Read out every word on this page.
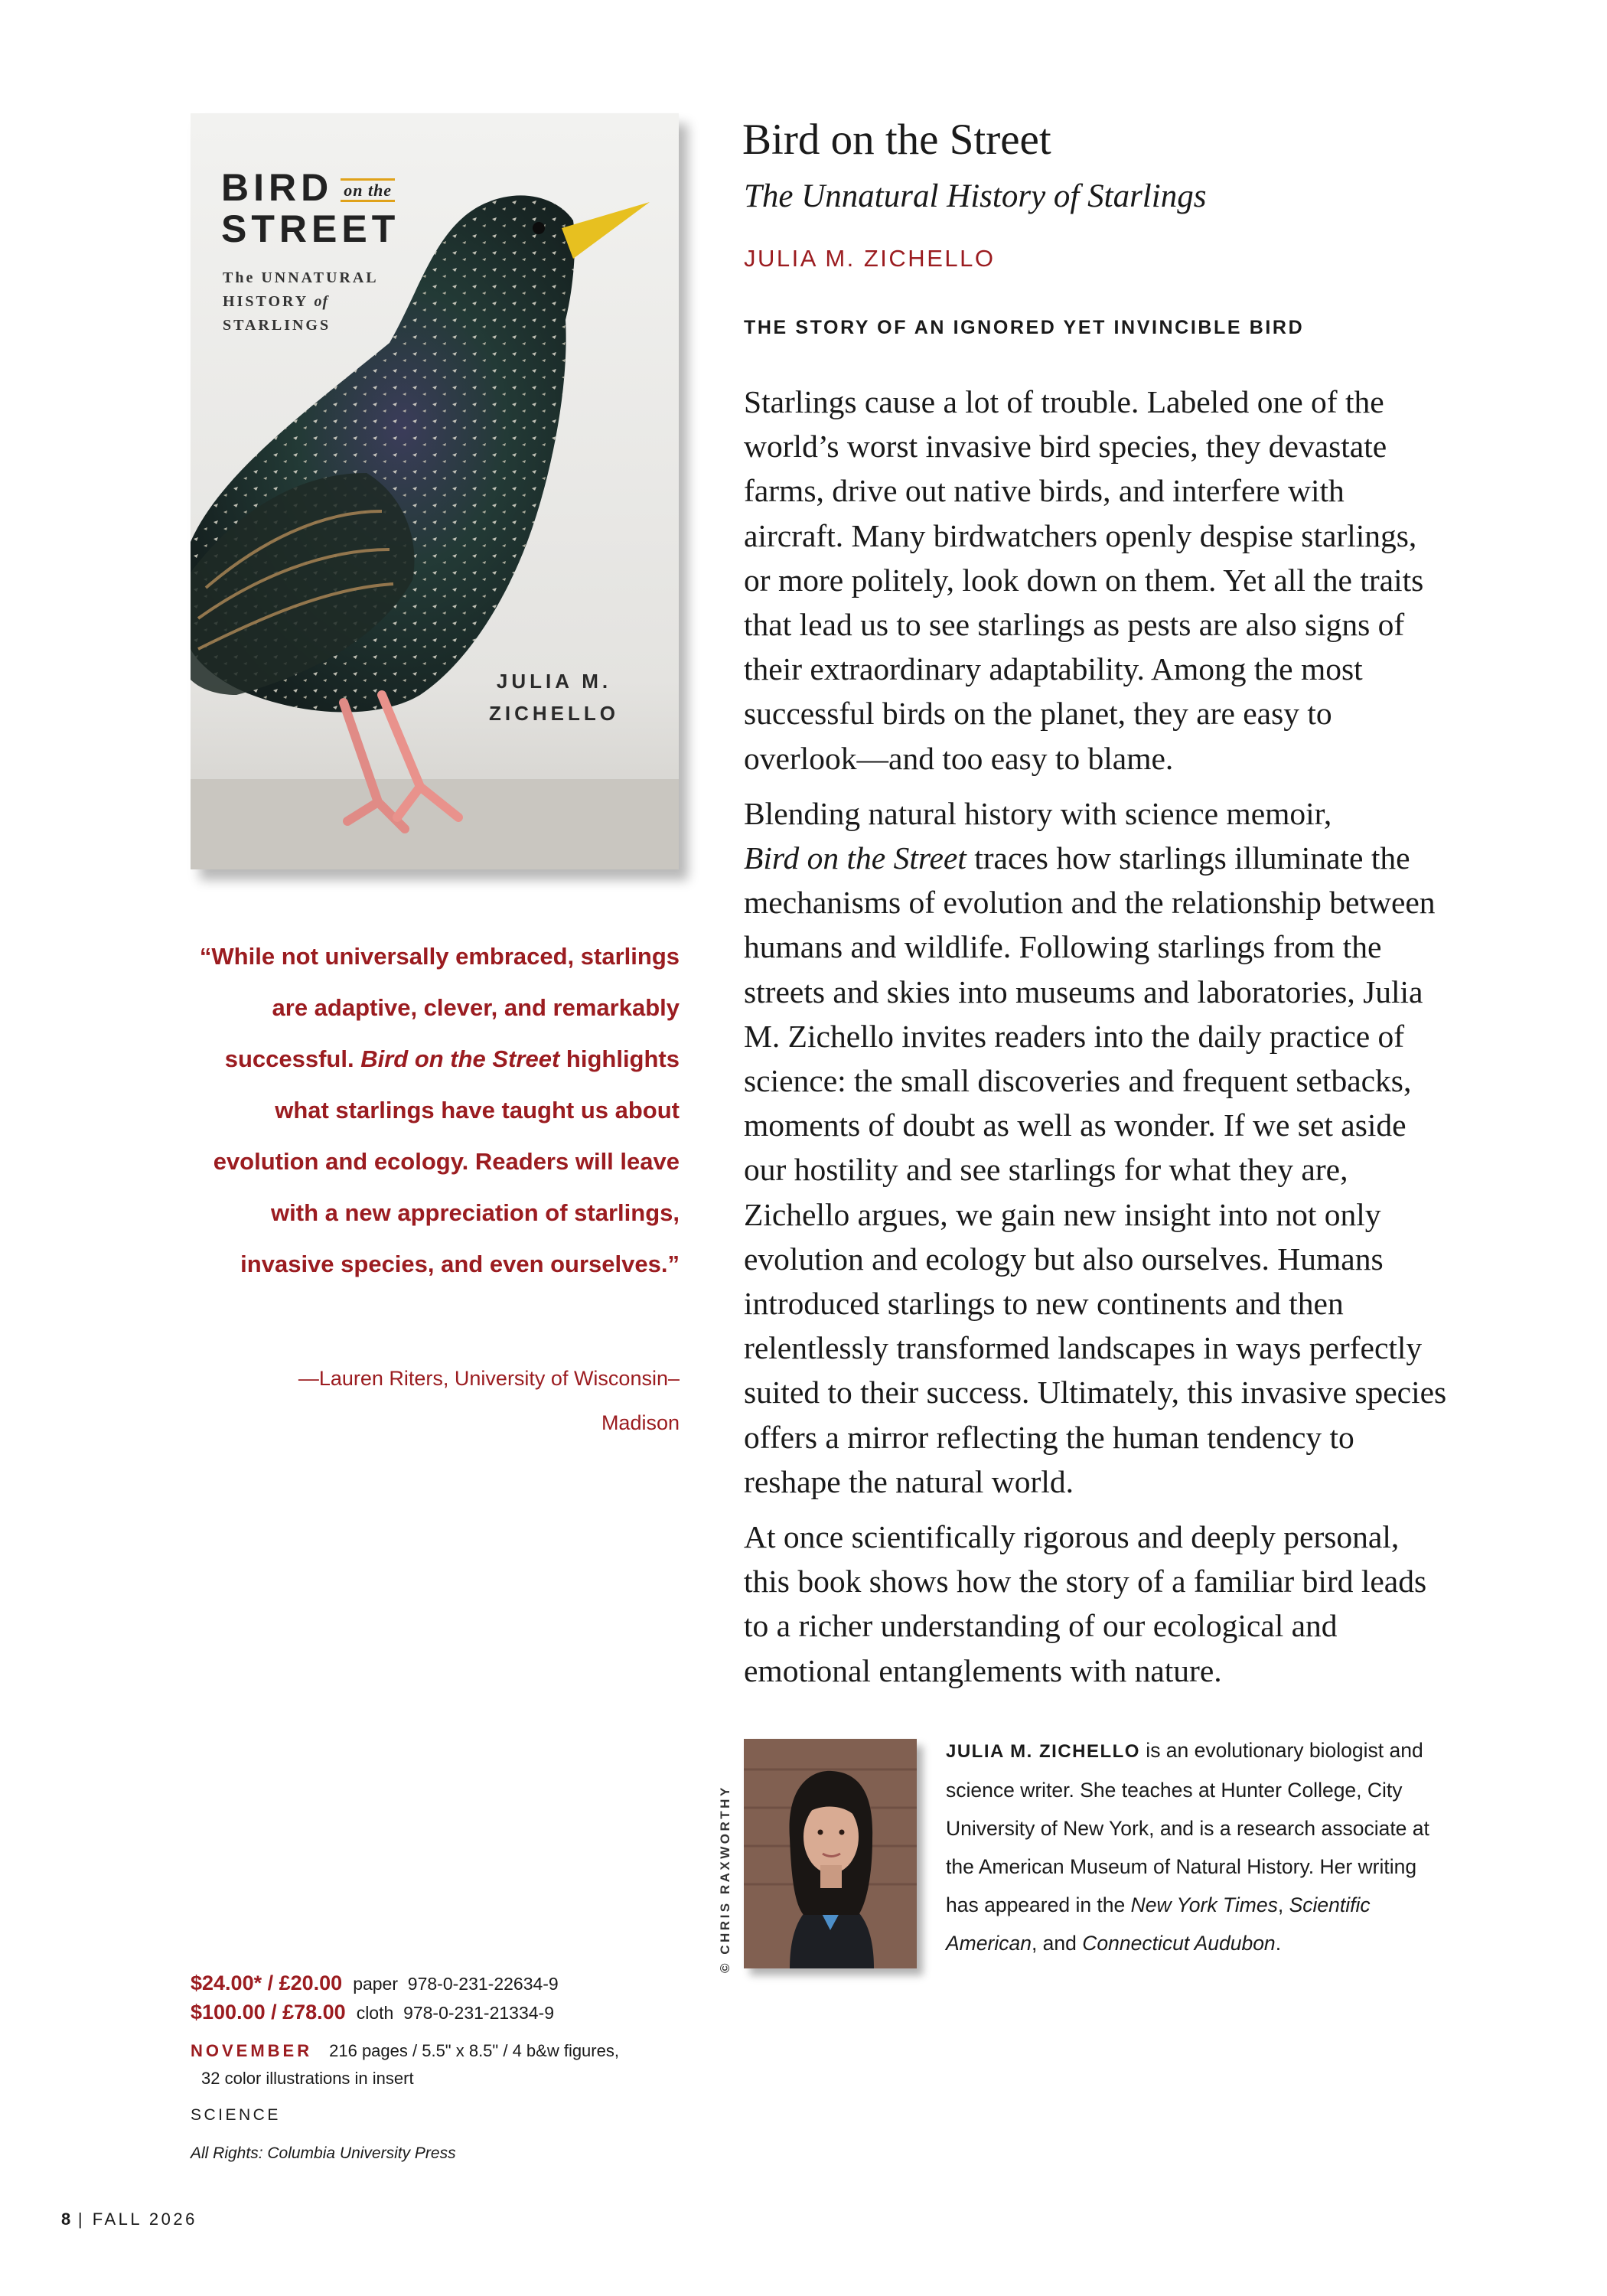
BIRD on the
STREET
The UNNATURAL
HISTORY of
STARLINGS
JULIA M.
ZICHELLO
“While not universally embraced, starlings are adaptive, clever, and remarkably successful. Bird on the Street highlights what starlings have taught us about evolution and ecology. Readers will leave with a new appreciation of starlings, invasive species, and even ourselves.”
—Lauren Riters, University of Wisconsin–Madison
Bird on the Street
The Unnatural History of Starlings
JULIA M. ZICHELLO
THE STORY OF AN IGNORED YET INVINCIBLE BIRD

Starlings cause a lot of trouble. Labeled one of the world’s worst invasive bird species, they devastate farms, drive out native birds, and interfere with aircraft. Many birdwatchers openly despise starlings, or more politely, look down on them. Yet all the traits that lead us to see starlings as pests are also signs of their extraordinary adaptability. Among the most successful birds on the planet, they are easy to overlook—and too easy to blame.

Blending natural history with science memoir,
Bird on the Street traces how starlings illuminate the mechanisms of evolution and the relationship between humans and wildlife. Following starlings from the streets and skies into museums and laboratories, Julia M. Zichello invites readers into the daily practice of science: the small discoveries and frequent setbacks, moments of doubt as well as wonder. If we set aside our hostility and see starlings for what they are, Zichello argues, we gain new insight into not only evolution and ecology but also ourselves. Humans introduced starlings to new continents and then relentlessly transformed landscapes in ways perfectly suited to their success. Ultimately, this invasive species offers a mirror reflecting the human tendency to reshape the natural world.

At once scientifically rigorous and deeply personal, this book shows how the story of a familiar bird leads to a richer understanding of our ecological and emotional entanglements with nature.

© CHRIS RAXWORTHY
JULIA M. ZICHELLO is an evolutionary biologist and science writer. She teaches at Hunter College, City University of New York, and is a research associate at the American Museum of Natural History. Her writing has appeared in the New York Times, Scientific American, and Connecticut Audubon.
$24.00* / £20.00 paper 978-0-231-22634-9
$100.00 / £78.00 cloth 978-0-231-21334-9
NOVEMBER 216 pages / 5.5" x 8.5" / 4 b&w figures,
32 color illustrations in insert
SCIENCE
All Rights: Columbia University Press
8 | FALL 2026
